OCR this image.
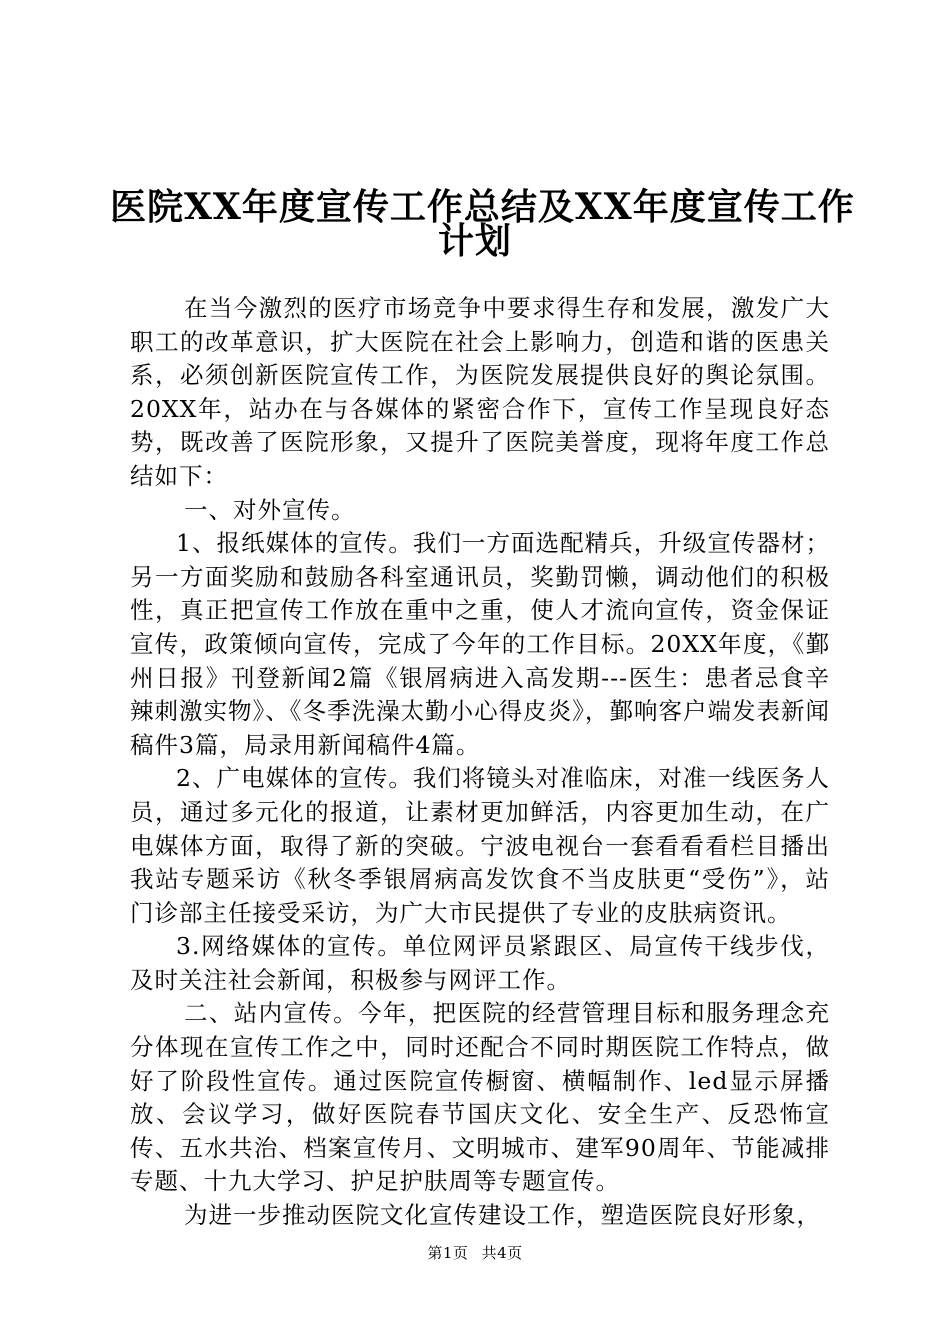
医院XX年度宣传工作总结及XX年度宣传工作
计划

在当今激烈的医疗市场竞争中要求得生存和发展，激发广大职工的改革意识，扩大医院在社会上影响力，创造和谐的医患关系，必须创新医院宣传工作，为医院发展提供良好的舆论氛围。20XX年，站办在与各媒体的紧密合作下，宣传工作呈现良好态势，既改善了医院形象，又提升了医院美誉度，现将年度工作总结如下：

一、对外宣传。

1、报纸媒体的宣传。我们一方面选配精兵，升级宣传器材；另一方面奖励和鼓励各科室通讯员，奖勤罚懒，调动他们的积极性，真正把宣传工作放在重中之重，使人才流向宣传，资金保证宣传，政策倾向宣传，完成了今年的工作目标。20XX年度，《鄞州日报》刊登新闻2篇《银屑病进入高发期---医生：患者忌食辛辣刺激实物》、《冬季洗澡太勤小心得皮炎》，鄞响客户端发表新闻稿件3篇，局录用新闻稿件4篇。

2、广电媒体的宣传。我们将镜头对准临床，对准一线医务人员，通过多元化的报道，让素材更加鲜活，内容更加生动，在广电媒体方面，取得了新的突破。宁波电视台一套看看看栏目播出我站专题采访《秋冬季银屑病高发饮食不当皮肤更“受伤”》，站门诊部主任接受采访，为广大市民提供了专业的皮肤病资讯。

3.网络媒体的宣传。单位网评员紧跟区、局宣传干线步伐，及时关注社会新闻，积极参与网评工作。

二、站内宣传。今年，把医院的经营管理目标和服务理念充分体现在宣传工作之中，同时还配合不同时期医院工作特点，做好了阶段性宣传。通过医院宣传橱窗、横幅制作、led显示屏播放、会议学习，做好医院春节国庆文化、安全生产、反恐怖宣传、五水共治、档案宣传月、文明城市、建军90周年、节能减排专题、十九大学习、护足护肤周等专题宣传。

为进一步推动医院文化宣传建设工作，塑造医院良好形象，

第1页 共4页
